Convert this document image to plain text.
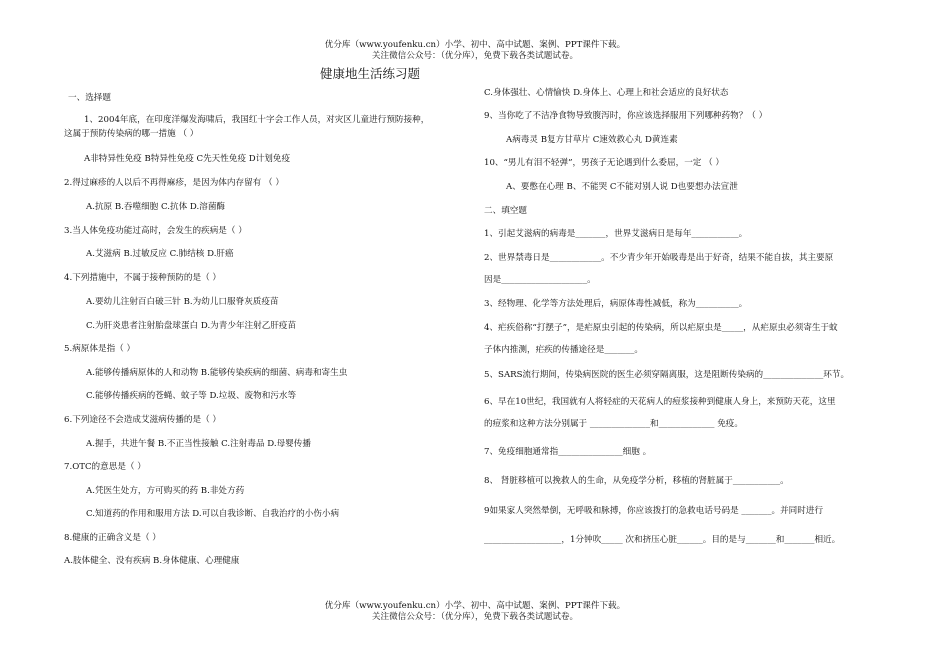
优分库（www.youfenku.cn）小学、初中、高中试题、案例、PPT课件下载。
关注微信公众号：（优分库），免费下载各类试题试卷。
健康地生活练习题
一、选择题
1、2004年底，在印度洋爆发海啸后，我国红十字会工作人员，对灾区儿童进行预防接种，
这属于预防传染病的哪一措施 （ ）
A非特异性免疫 B特异性免疫 C先天性免疫 D计划免疫
2.得过麻疹的人以后不再得麻疹，是因为体内存留有 （ ）
A.抗原 B.吞噬细胞 C.抗体 D.溶菌酶
3.当人体免疫功能过高时，会发生的疾病是（ ）
A.艾滋病 B.过敏反应 C.肺结核 D.肝癌
4.下列措施中，不属于接种预防的是（ ）
A.要幼儿注射百白破三针 B.为幼儿口服脊灰质疫苗
C.为肝炎患者注射胎盘球蛋白 D.为青少年注射乙肝疫苗
5.病原体是指（ ）
A.能够传播病原体的人和动物 B.能够传染疾病的细菌、病毒和寄生虫
C.能够传播疾病的苍蝇、蚊子等 D.垃圾、废物和污水等
6.下列途径不会造成艾滋病传播的是（ ）
A.握手，共进午餐 B.不正当性接触 C.注射毒品 D.母婴传播
7.OTC的意思是（ ）
A.凭医生处方，方可购买的药 B.非处方药
C.知道药的作用和服用方法 D.可以自我诊断、自我治疗的小伤小病
8.健康的正确含义是（ ）
A.肢体健全、没有疾病 B.身体健康、心理健康
C.身体强壮、心情愉快 D.身体上、心理上和社会适应的良好状态
9、当你吃了不洁净食物导致腹泻时，你应该选择服用下列哪种药物？（ ）
A病毒灵 B复方甘草片 C速效救心丸 D黄连素
10、“男儿有泪不轻弹”，男孩子无论遇到什么委屈，一定 （ ）
A、要憋在心理 B、不能哭 C不能对别人说 D也要想办法宣泄
二、填空题
1、引起艾滋病的病毒是_______，世界艾滋病日是每年___________。
2、世界禁毒日是____________。不少青少年开始吸毒是出于好奇，结果不能自拔，其主要原
因是____________________。
3、经物理、化学等方法处理后，病原体毒性减低，称为__________。
4、疟疾俗称“打摆子”，是疟原虫引起的传染病，所以疟原虫是_____，从疟原虫必须寄生于蚊
子体内推测，疟疾的传播途径是_______。
5、SARS流行期间，传染病医院的医生必须穿隔离服，这是阻断传染病的______________环节。
6、早在10世纪，我国就有人将轻症的天花病人的痘浆接种到健康人身上，来预防天花，这里
的痘浆和这种方法分别属于 ______________和_____________ 免疫。
7、免疫细胞通常指_______________细胞 。
8、 肾脏移植可以挽救人的生命，从免疫学分析，移植的肾脏属于___________。
9如果家人突然晕倒，无呼吸和脉搏，你应该拨打的急救电话号码是 _______。并同时进行
__________________，1分钟吹_____ 次和挤压心脏______。目的是与_______和_______相近。
优分库（www.youfenku.cn）小学、初中、高中试题、案例、PPT课件下载。
关注微信公众号：（优分库），免费下载各类试题试卷。
